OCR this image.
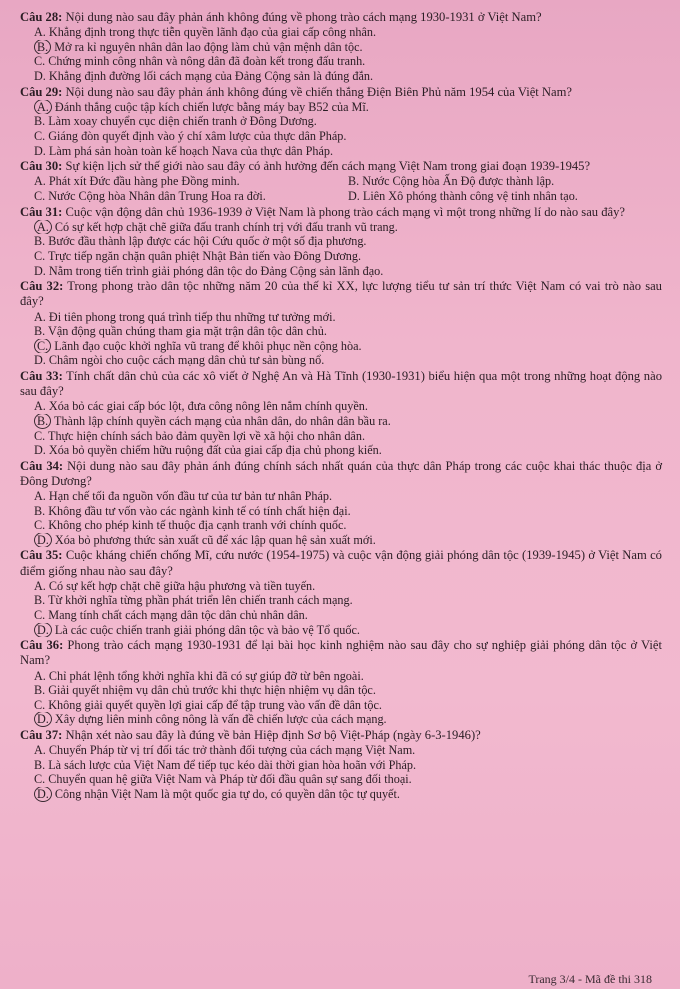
Câu 28: Nội dung nào sau đây phản ánh không đúng về phong trào cách mạng 1930-1931 ở Việt Nam?
A. Khẳng định trong thực tiễn quyền lãnh đạo của giai cấp công nhân.
B. Mở ra kỉ nguyên nhân dân lao động làm chủ vận mệnh dân tộc.
C. Chứng minh công nhân và nông dân đã đoàn kết trong đấu tranh.
D. Khẳng định đường lối cách mạng của Đảng Cộng sản là đúng đắn.
Câu 29: Nội dung nào sau đây phản ánh không đúng về chiến thắng Điện Biên Phủ năm 1954 của Việt Nam?
A. Đánh thắng cuộc tập kích chiến lược bằng máy bay B52 của Mĩ.
B. Làm xoay chuyển cục diện chiến tranh ở Đông Dương.
C. Giáng đòn quyết định vào ý chí xâm lược của thực dân Pháp.
D. Làm phá sản hoàn toàn kế hoạch Nava của thực dân Pháp.
Câu 30: Sự kiện lịch sử thế giới nào sau đây có ảnh hưởng đến cách mạng Việt Nam trong giai đoạn 1939-1945?
A. Phát xít Đức đầu hàng phe Đồng minh.	B. Nước Cộng hòa Ấn Độ được thành lập.
C. Nước Cộng hòa Nhân dân Trung Hoa ra đời.	D. Liên Xô phóng thành công vệ tinh nhân tạo.
Câu 31: Cuộc vận động dân chủ 1936-1939 ở Việt Nam là phong trào cách mạng vì một trong những lí do nào sau đây?
A. Có sự kết hợp chặt chẽ giữa đấu tranh chính trị với đấu tranh vũ trang.
B. Bước đầu thành lập được các hội Cứu quốc ở một số địa phương.
C. Trực tiếp ngăn chặn quân phiệt Nhật Bản tiến vào Đông Dương.
D. Nằm trong tiến trình giải phóng dân tộc do Đảng Cộng sản lãnh đạo.
Câu 32: Trong phong trào dân tộc những năm 20 của thế kỉ XX, lực lượng tiểu tư sản trí thức Việt Nam có vai trò nào sau đây?
A. Đi tiên phong trong quá trình tiếp thu những tư tưởng mới.
B. Vận động quần chúng tham gia mặt trận dân tộc dân chủ.
C. Lãnh đạo cuộc khởi nghĩa vũ trang để khôi phục nền cộng hòa.
D. Châm ngòi cho cuộc cách mạng dân chủ tư sản bùng nổ.
Câu 33: Tính chất dân chủ của các xô viết ở Nghệ An và Hà Tĩnh (1930-1931) biểu hiện qua một trong những hoạt động nào sau đây?
A. Xóa bỏ các giai cấp bóc lột, đưa công nông lên nắm chính quyền.
B. Thành lập chính quyền cách mạng của nhân dân, do nhân dân bầu ra.
C. Thực hiện chính sách bảo đảm quyền lợi về xã hội cho nhân dân.
D. Xóa bỏ quyền chiếm hữu ruộng đất của giai cấp địa chủ phong kiến.
Câu 34: Nội dung nào sau đây phản ánh đúng chính sách nhất quán của thực dân Pháp trong các cuộc khai thác thuộc địa ở Đông Dương?
A. Hạn chế tối đa nguồn vốn đầu tư của tư bản tư nhân Pháp.
B. Không đầu tư vốn vào các ngành kinh tế có tính chất hiện đại.
C. Không cho phép kinh tế thuộc địa cạnh tranh với chính quốc.
D. Xóa bỏ phương thức sản xuất cũ để xác lập quan hệ sản xuất mới.
Câu 35: Cuộc kháng chiến chống Mĩ, cứu nước (1954-1975) và cuộc vận động giải phóng dân tộc (1939-1945) ở Việt Nam có điểm giống nhau nào sau đây?
A. Có sự kết hợp chặt chẽ giữa hậu phương và tiền tuyến.
B. Từ khởi nghĩa từng phần phát triển lên chiến tranh cách mạng.
C. Mang tính chất cách mạng dân tộc dân chủ nhân dân.
D. Là các cuộc chiến tranh giải phóng dân tộc và bảo vệ Tổ quốc.
Câu 36: Phong trào cách mạng 1930-1931 để lại bài học kinh nghiệm nào sau đây cho sự nghiệp giải phóng dân tộc ở Việt Nam?
A. Chỉ phát lệnh tổng khởi nghĩa khi đã có sự giúp đỡ từ bên ngoài.
B. Giải quyết nhiệm vụ dân chủ trước khi thực hiện nhiệm vụ dân tộc.
C. Không giải quyết quyền lợi giai cấp để tập trung vào vấn đề dân tộc.
D. Xây dựng liên minh công nông là vấn đề chiến lược của cách mạng.
Câu 37: Nhận xét nào sau đây là đúng về bản Hiệp định Sơ bộ Việt-Pháp (ngày 6-3-1946)?
A. Chuyển Pháp từ vị trí đối tác trở thành đối tượng của cách mạng Việt Nam.
B. Là sách lược của Việt Nam để tiếp tục kéo dài thời gian hòa hoãn với Pháp.
C. Chuyển quan hệ giữa Việt Nam và Pháp từ đối đầu quân sự sang đối thoại.
D. Công nhận Việt Nam là một quốc gia tự do, có quyền dân tộc tự quyết.
Trang 3/4 - Mã đề thi 318
